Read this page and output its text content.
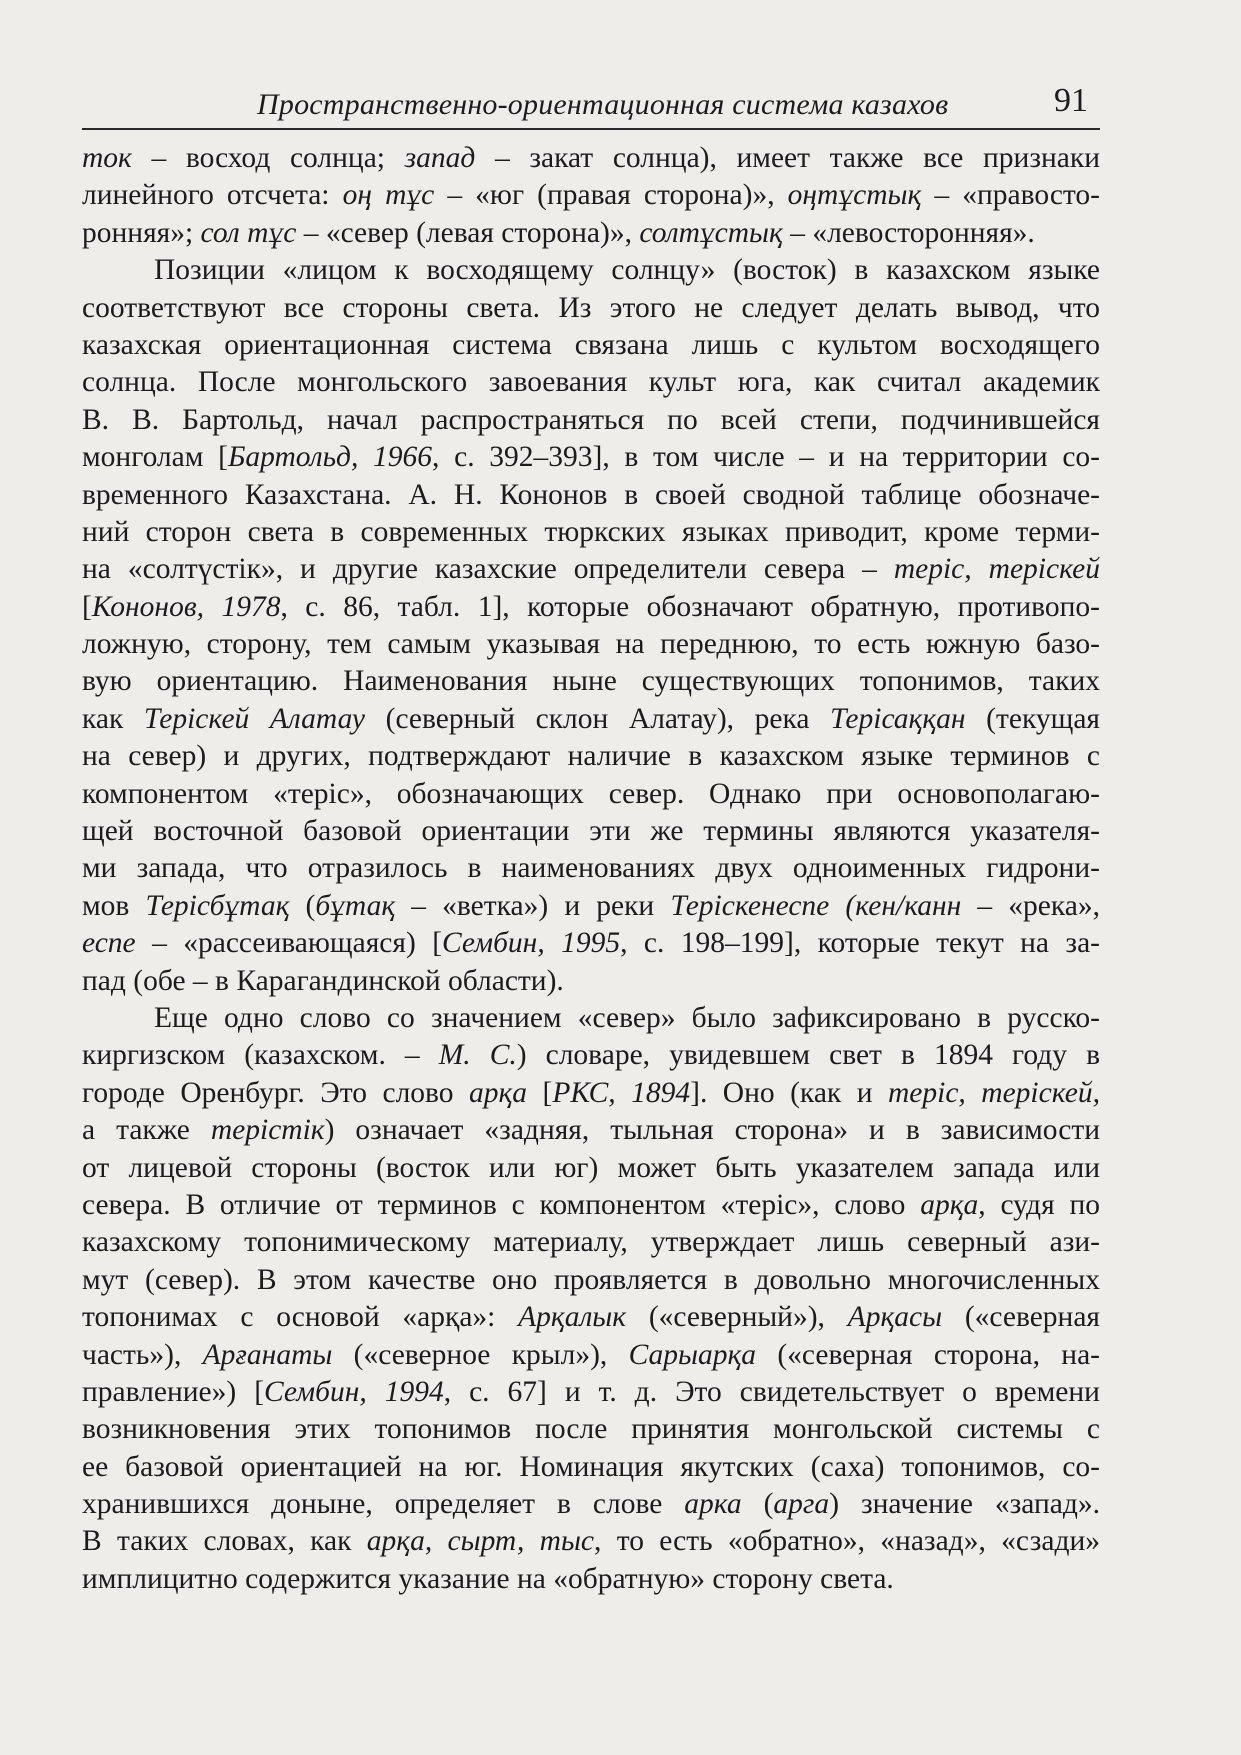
Пространственно-ориентационная система казахов	91
ток – восход солнца; запад – закат солнца), имеет также все признаки
линейного отсчета: оң тұс – «юг (правая сторона)», оңтұстық – «правосто-
ронняя»; сол тұс – «север (левая сторона)», солтұстық – «левосторонняя».
Позиции «лицом к восходящему солнцу» (восток) в казахском языке
соответствуют все стороны света. Из этого не следует делать вывод, что
казахская ориентационная система связана лишь с культом восходящего
солнца. После монгольского завоевания культ юга, как считал академик
В. В. Бартольд, начал распространяться по всей степи, подчинившейся
монголам [Бартольд, 1966, с. 392–393], в том числе – и на территории со-
временного Казахстана. А. Н. Кононов в своей сводной таблице обозначе-
ний сторон света в современных тюркских языках приводит, кроме терми-
на «солтүстік», и другие казахские определители севера – теріс, теріскей
[Кононов, 1978, с. 86, табл. 1], которые обозначают обратную, противопо-
ложную, сторону, тем самым указывая на переднюю, то есть южную базо-
вую ориентацию. Наименования ныне существующих топонимов, таких
как Терiскей Алатау (северный склон Алатау), река Терiсаққан (текущая
на север) и других, подтверждают наличие в казахском языке терминов с
компонентом «теріс», обозначающих север. Однако при основополагаю-
щей восточной базовой ориентации эти же термины являются указателя-
ми запада, что отразилось в наименованиях двух одноименных гидрони-
мов Терiсбұтақ (бұтақ – «ветка») и реки Терiскенеспе (кен/канн – «река»,
еспе – «рассеивающаяся) [Сембин, 1995, с. 198–199], которые текут на за-
пад (обе – в Карагандинской области).
Еще одно слово со значением «север» было зафиксировано в русско-
киргизском (казахском. – М. С.) словаре, увидевшем свет в 1894 году в
городе Оренбург. Это слово арқа [РКС, 1894]. Оно (как и теріс, терiскей,
а также терiстiк) означает «задняя, тыльная сторона» и в зависимости
от лицевой стороны (восток или юг) может быть указателем запада или
севера. В отличие от терминов с компонентом «теріс», слово арқа, судя по
казахскому топонимическому материалу, утверждает лишь северный ази-
мут (север). В этом качестве оно проявляется в довольно многочисленных
топонимах с основой «арқа»: Арқалык («северный»), Арқасы («северная
часть»), Арғанаты («северное крыл»), Сарыарқа («северная сторона, на-
правление») [Сембин, 1994, с. 67] и т. д. Это свидетельствует о времени
возникновения этих топонимов после принятия монгольской системы с
ее базовой ориентацией на юг. Номинация якутских (саха) топонимов, со-
хранившихся доныне, определяет в слове арка (арга) значение «запад».
В таких словах, как арқа, сырт, тыс, то есть «обратно», «назад», «сзади»
имплицитно содержится указание на «обратную» сторону света.
